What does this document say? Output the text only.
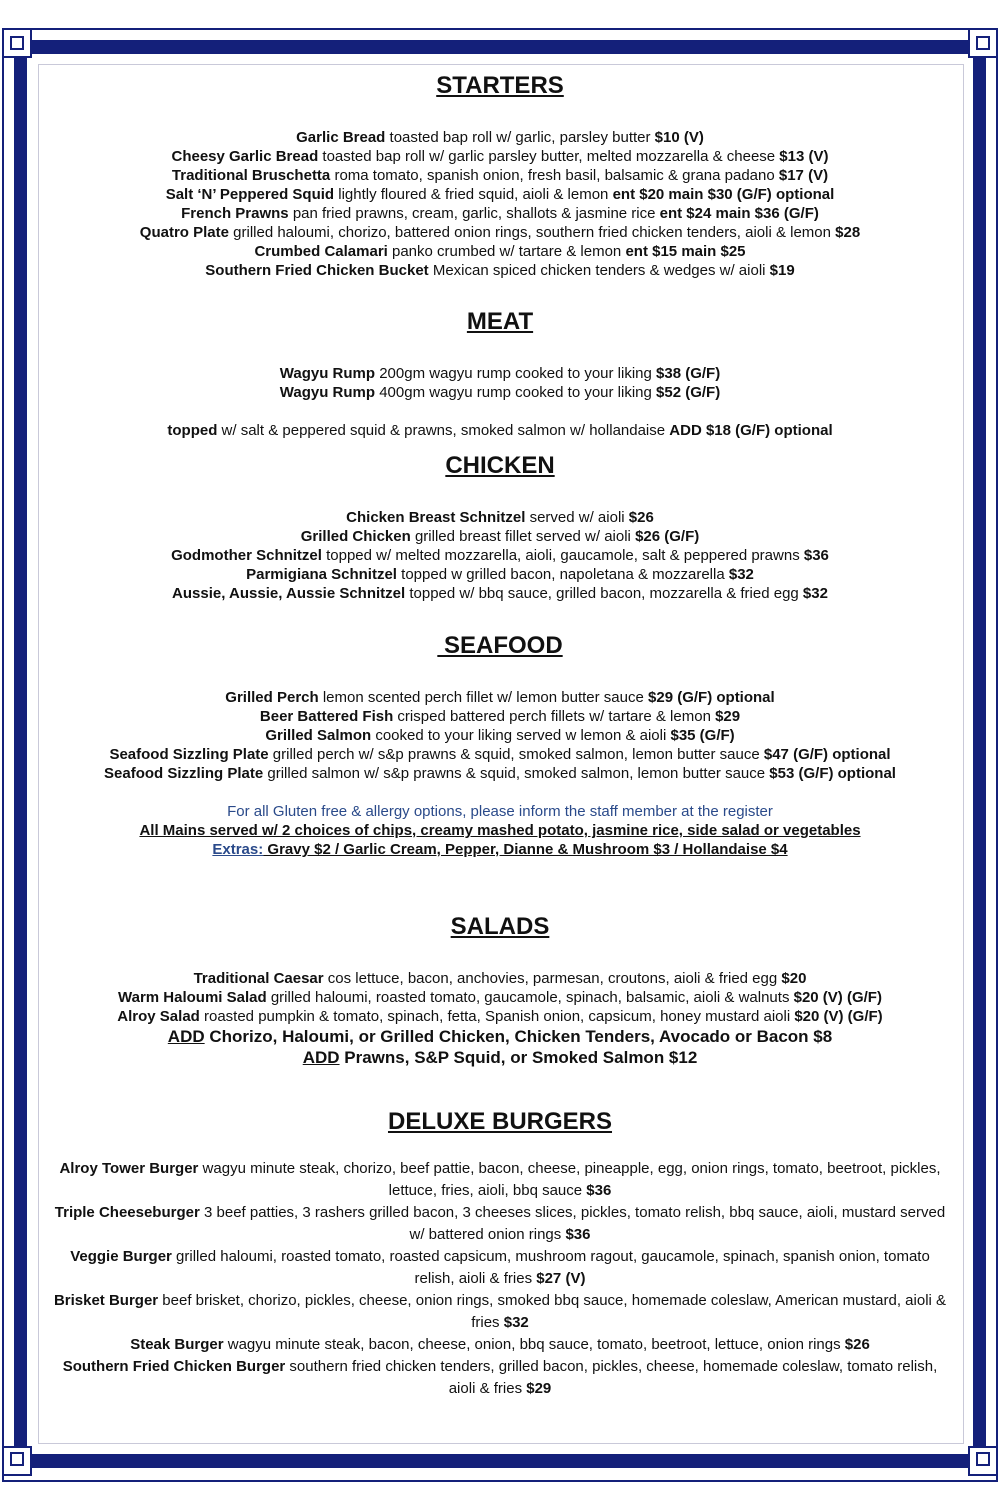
STARTERS

Garlic Bread toasted bap roll w/ garlic, parsley butter $10 (V)

Cheesy Garlic Bread toasted bap roll w/ garlic parsley butter, melted mozzarella & cheese $13 (V)

Traditional Bruschetta roma tomato, spanish onion, fresh basil, balsamic & grana padano $17 (V)

Salt ‘N’ Peppered Squid lightly floured & fried squid, aioli & lemon ent $20 main $30 (G/F) optional

French Prawns pan fried prawns, cream, garlic, shallots & jasmine rice ent $24 main $36 (G/F)

Quatro Plate grilled haloumi, chorizo, battered onion rings, southern fried chicken tenders, aioli & lemon $28

Crumbed Calamari panko crumbed w/ tartare & lemon ent $15 main $25

Southern Fried Chicken Bucket Mexican spiced chicken tenders & wedges w/ aioli $19

MEAT

Wagyu Rump 200gm wagyu rump cooked to your liking $38 (G/F)

Wagyu Rump 400gm wagyu rump cooked to your liking $52 (G/F)

topped w/ salt & peppered squid & prawns, smoked salmon w/ hollandaise ADD $18 (G/F) optional

CHICKEN

Chicken Breast Schnitzel served w/ aioli $26

Grilled Chicken grilled breast fillet served w/ aioli $26 (G/F)

Godmother Schnitzel topped w/ melted mozzarella, aioli, gaucamole, salt & peppered prawns $36

Parmigiana Schnitzel topped w grilled bacon, napoletana & mozzarella $32

Aussie, Aussie, Aussie Schnitzel topped w/ bbq sauce, grilled bacon, mozzarella & fried egg $32

SEAFOOD

Grilled Perch lemon scented perch fillet w/ lemon butter sauce $29 (G/F) optional

Beer Battered Fish crisped battered perch fillets w/ tartare & lemon $29

Grilled Salmon cooked to your liking served w lemon & aioli $35 (G/F)

Seafood Sizzling Plate grilled perch w/ s&p prawns & squid, smoked salmon, lemon butter sauce $47 (G/F) optional

Seafood Sizzling Plate grilled salmon w/ s&p prawns & squid, smoked salmon, lemon butter sauce $53 (G/F) optional

For all Gluten free & allergy options, please inform the staff member at the register

All Mains served w/ 2 choices of chips, creamy mashed potato, jasmine rice, side salad or vegetables

Extras: Gravy $2 / Garlic Cream, Pepper, Dianne & Mushroom $3 / Hollandaise $4

SALADS

Traditional Caesar cos lettuce, bacon, anchovies, parmesan, croutons, aioli & fried egg $20

Warm Haloumi Salad grilled haloumi, roasted tomato, gaucamole, spinach, balsamic, aioli & walnuts $20 (V) (G/F)

Alroy Salad roasted pumpkin & tomato, spinach, fetta, Spanish onion, capsicum, honey mustard aioli $20 (V) (G/F)

ADD Chorizo, Haloumi, or Grilled Chicken, Chicken Tenders, Avocado or Bacon $8

ADD Prawns, S&P Squid, or Smoked Salmon $12

DELUXE BURGERS

Alroy Tower Burger wagyu minute steak, chorizo, beef pattie, bacon, cheese, pineapple, egg, onion rings, tomato, beetroot, pickles, lettuce, fries, aioli, bbq sauce $36

Triple Cheeseburger 3 beef patties, 3 rashers grilled bacon, 3 cheeses slices, pickles, tomato relish, bbq sauce, aioli, mustard served w/ battered onion rings $36

Veggie Burger grilled haloumi, roasted tomato, roasted capsicum, mushroom ragout, gaucamole, spinach, spanish onion, tomato relish, aioli & fries $27 (V)

Brisket Burger beef brisket, chorizo, pickles, cheese, onion rings, smoked bbq sauce, homemade coleslaw, American mustard, aioli & fries $32

Steak Burger wagyu minute steak, bacon, cheese, onion, bbq sauce, tomato, beetroot, lettuce, onion rings $26

Southern Fried Chicken Burger southern fried chicken tenders, grilled bacon, pickles, cheese, homemade coleslaw, tomato relish, aioli & fries $29
